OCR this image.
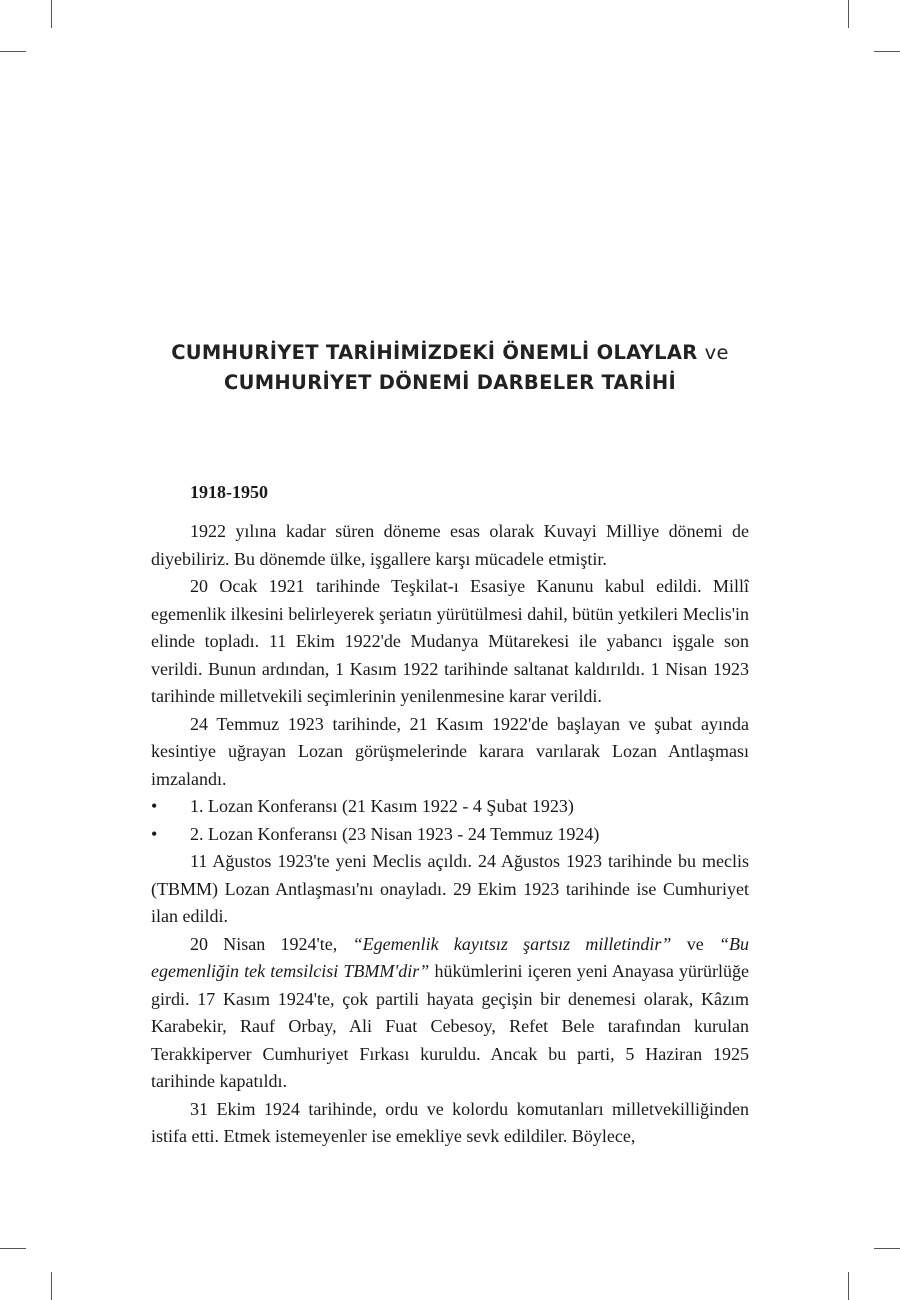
CUMHURİYET TARİHİMİZDEKİ ÖNEMLİ OLAYLAR ve
CUMHURİYET DÖNEMİ DARBELER TARİHİ
1918-1950

1922 yılına kadar süren döneme esas olarak Kuvayi Milliye dönemi de diyebiliriz. Bu dönemde ülke, işgallere karşı mücadele etmiştir.

20 Ocak 1921 tarihinde Teşkilat-ı Esasiye Kanunu kabul edildi. Millî egemenlik ilkesini belirleyerek şeriatın yürütülmesi dahil, bütün yetkileri Meclis'in elinde topladı. 11 Ekim 1922'de Mudanya Mütarekesi ile yabancı işgale son verildi. Bunun ardından, 1 Kasım 1922 tarihinde saltanat kaldırıldı. 1 Nisan 1923 tarihinde milletvekili seçimlerinin yenilenmesine karar verildi.

24 Temmuz 1923 tarihinde, 21 Kasım 1922'de başlayan ve şubat ayında kesintiye uğrayan Lozan görüşmelerinde karara varılarak Lozan Antlaşması imzalandı.

• 1. Lozan Konferansı (21 Kasım 1922 - 4 Şubat 1923)

• 2. Lozan Konferansı (23 Nisan 1923 - 24 Temmuz 1924)

11 Ağustos 1923'te yeni Meclis açıldı. 24 Ağustos 1923 tarihinde bu meclis (TBMM) Lozan Antlaşması'nı onayladı. 29 Ekim 1923 tarihinde ise Cumhuriyet ilan edildi.

20 Nisan 1924'te, “Egemenlik kayıtsız şartsız milletindir” ve “Bu egemenliğin tek temsilcisi TBMM'dir” hükümlerini içeren yeni Anayasa yürürlüğe girdi. 17 Kasım 1924'te, çok partili hayata geçişin bir denemesi olarak, Kâzım Karabekir, Rauf Orbay, Ali Fuat Cebesoy, Refet Bele tarafından kurulan Terakkiperver Cumhuriyet Fırkası kuruldu. Ancak bu parti, 5 Haziran 1925 tarihinde kapatıldı.

31 Ekim 1924 tarihinde, ordu ve kolordu komutanları milletvekilliğinden istifa etti. Etmek istemeyenler ise emekliye sevk edildiler. Böylece,
